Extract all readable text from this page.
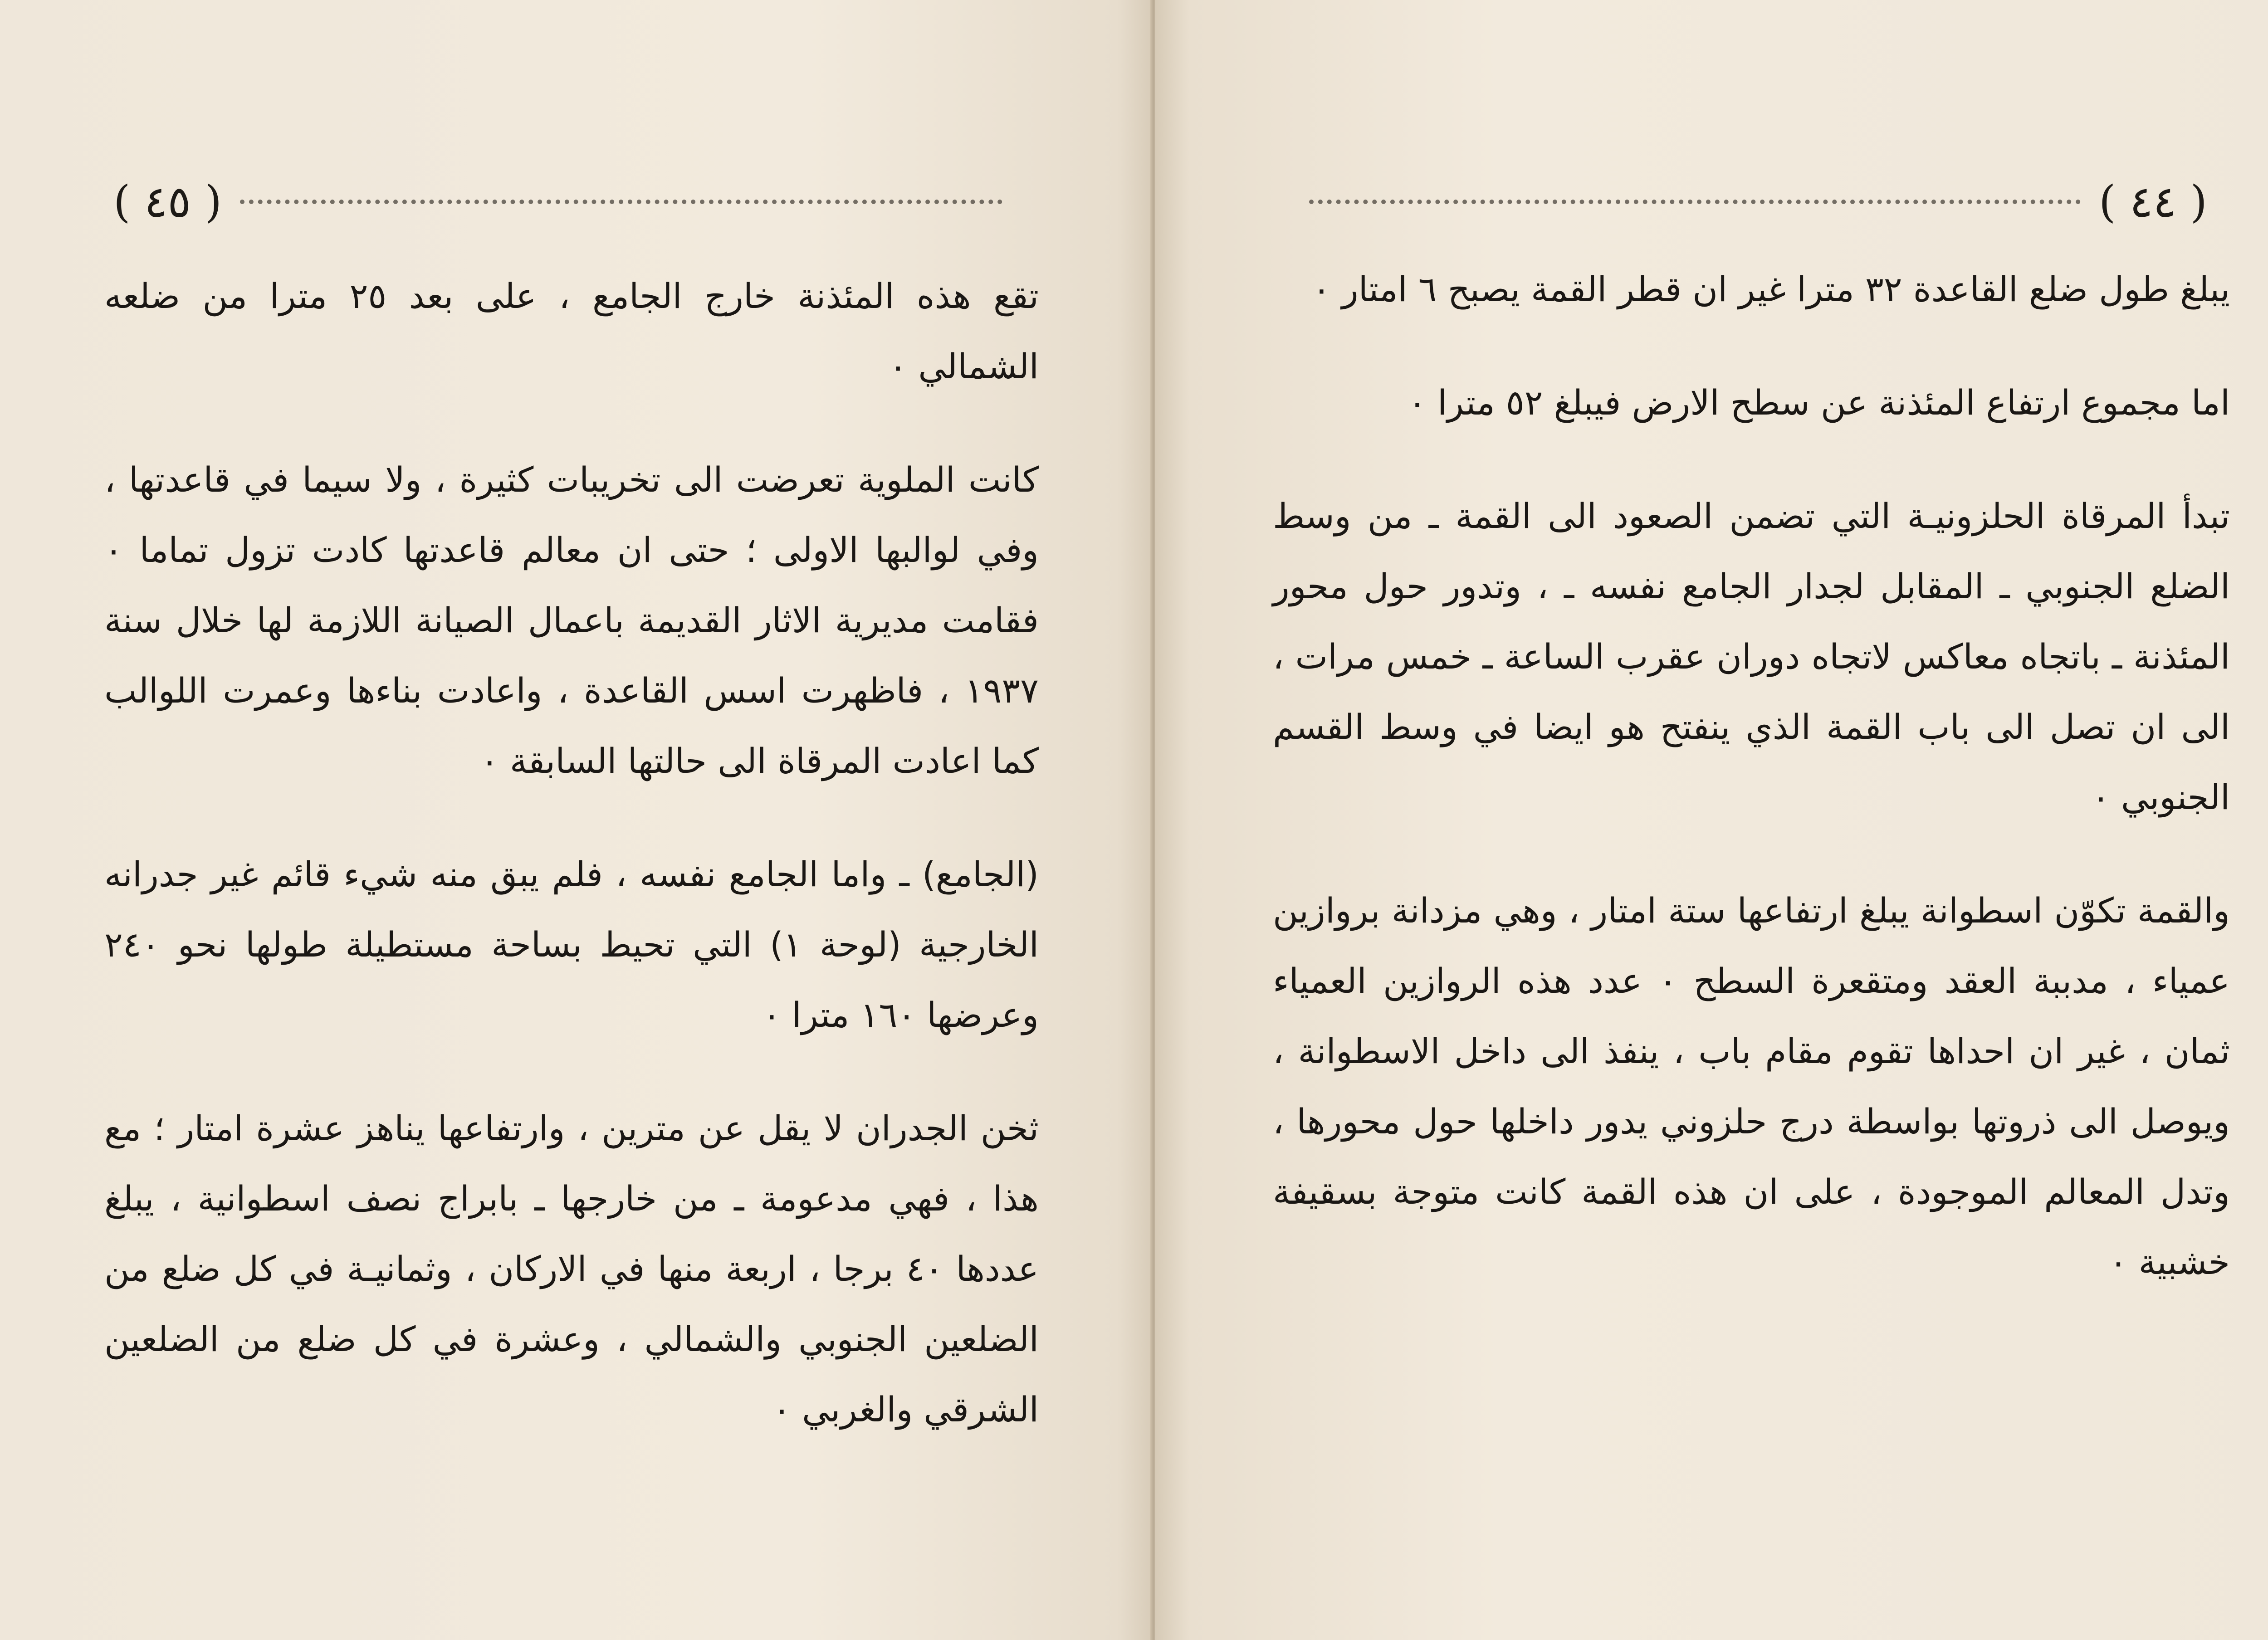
( ٤٥ )

تقع هذه المئذنة خارج الجامع ، على بعد ٢٥ مترا من ضلعه الشمالي ٠

كانت الملوية تعرضت الى تخريبات كثيرة ، ولا سيما في قاعدتها ، وفي لوالبها الاولى ؛ حتى ان معالم قاعدتها كادت تزول تماما ٠ فقامت مديرية الاثار القديمة باعمال الصيانة اللازمة لها خلال سنة ١٩٣٧ ، فاظهرت اسس القاعدة ، واعادت بناءها وعمرت اللوالب كما اعادت المرقاة الى حالتها السابقة ٠

(الجامع) ـ واما الجامع نفسه ، فلم يبق منه شيء قائم غير جدرانه الخارجية (لوحة ١) التي تحيط بساحة مستطيلة طولها نحو ٢٤٠ وعرضها ١٦٠ مترا ٠

ثخن الجدران لا يقل عن مترين ، وارتفاعها يناهز عشرة امتار ؛ مع هذا ، فهي مدعومة ـ من خارجها ـ بابراج نصف اسطوانية ، يبلغ عددها ٤٠ برجا ، اربعة منها في الاركان ، وثمانيـة في كل ضلع من الضلعين الجنوبي والشمالي ، وعشرة في كل ضلع من الضلعين الشرقي والغربي ٠

( ٤٤ )

يبلغ طول ضلع القاعدة ٣٢ مترا غير ان قطر القمة يصبح ٦ امتار ٠

اما مجموع ارتفاع المئذنة عن سطح الارض فيبلغ ٥٢ مترا ٠

تبدأ المرقاة الحلزونيـة التي تضمن الصعود الى القمة ـ من وسط الضلع الجنوبي ـ المقابل لجدار الجامع نفسه ـ ، وتدور حول محور المئذنة ـ باتجاه معاكس لاتجاه دوران عقرب الساعة ـ خمس مرات ، الى ان تصل الى باب القمة الذي ينفتح هو ايضا في وسط القسم الجنوبي ٠

والقمة تكوّن اسطوانة يبلغ ارتفاعها ستة امتار ، وهي مزدانة بروازين عمياء ، مدببة العقد ومتقعرة السطح ٠ عدد هذه الروازين العمياء ثمان ، غير ان احداها تقوم مقام باب ، ينفذ الى داخل الاسطوانة ، ويوصل الى ذروتها بواسطة درج حلزوني يدور داخلها حول محورها ، وتدل المعالم الموجودة ، على ان هذه القمة كانت متوجة بسقيفة خشبية ٠
